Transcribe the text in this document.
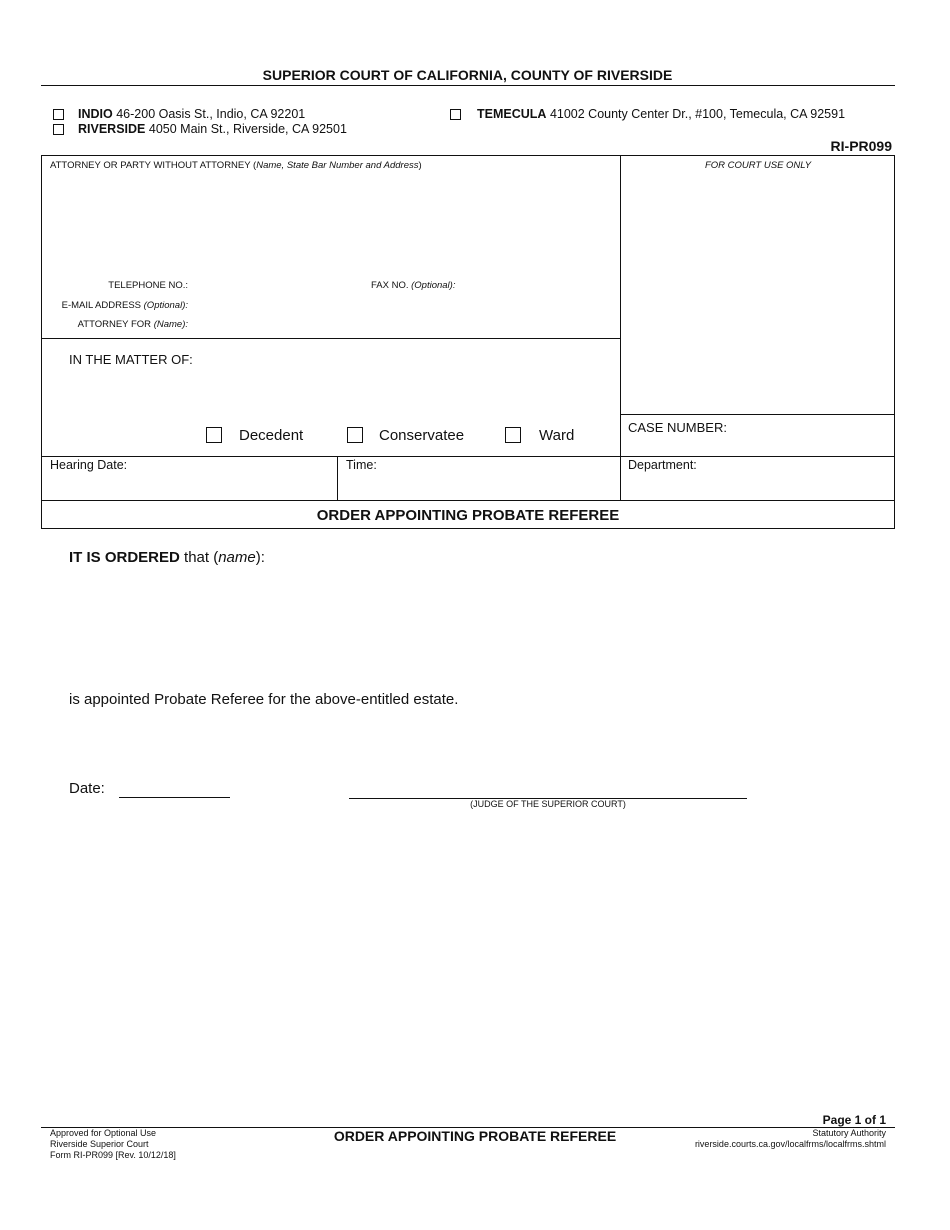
SUPERIOR COURT OF CALIFORNIA, COUNTY OF RIVERSIDE
INDIO 46-200 Oasis St., Indio, CA 92201
RIVERSIDE 4050 Main St., Riverside, CA 92501
TEMECULA 41002 County Center Dr., #100, Temecula, CA 92591
RI-PR099
ATTORNEY OR PARTY WITHOUT ATTORNEY (Name, State Bar Number and Address)
TELEPHONE NO.:	FAX NO. (Optional):
E-MAIL ADDRESS (Optional):
ATTORNEY FOR (Name):
FOR COURT USE ONLY
IN THE MATTER OF:
Decedent	Conservatee	Ward	CASE NUMBER:
Hearing Date:	Time:	Department:
ORDER APPOINTING PROBATE REFEREE
IT IS ORDERED that (name):
is appointed Probate Referee for the above-entitled estate.
Date:
(JUDGE OF THE SUPERIOR COURT)
Page 1 of 1
Approved for Optional Use
Riverside Superior Court
Form RI-PR099 [Rev. 10/12/18]
ORDER APPOINTING PROBATE REFEREE	Statutory Authority
riverside.courts.ca.gov/localfrms/localfrms.shtml
